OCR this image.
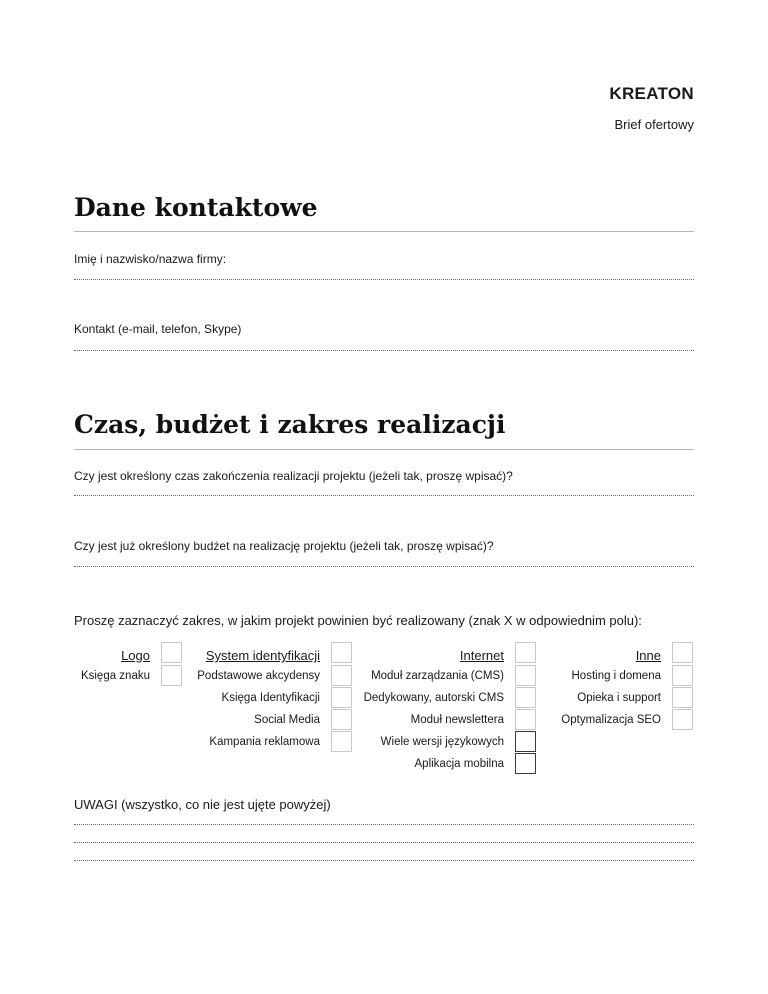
KREATON
Brief ofertowy
Dane kontaktowe
Imię i nazwisko/nazwa firmy:
Kontakt (e-mail, telefon, Skype)
Czas, budżet i zakres realizacji
Czy jest określony czas zakończenia realizacji projektu (jeżeli tak, proszę wpisać)?
Czy jest już określony budżet na realizację projektu (jeżeli tak, proszę wpisać)?
Proszę zaznaczyć zakres, w jakim projekt powinien być realizowany (znak X w odpowiednim polu):
Logo
Księga znaku
System identyfikacji
Podstawowe akcydensy
Księga Identyfikacji
Social Media
Kampania reklamowa
Internet
Moduł zarządzania (CMS)
Dedykowany, autorski CMS
Moduł newslettera
Wiele wersji językowych
Aplikacja mobilna
Inne
Hosting i domena
Opieka i support
Optymalizacja SEO
UWAGI (wszystko, co nie jest ujęte powyżej)
